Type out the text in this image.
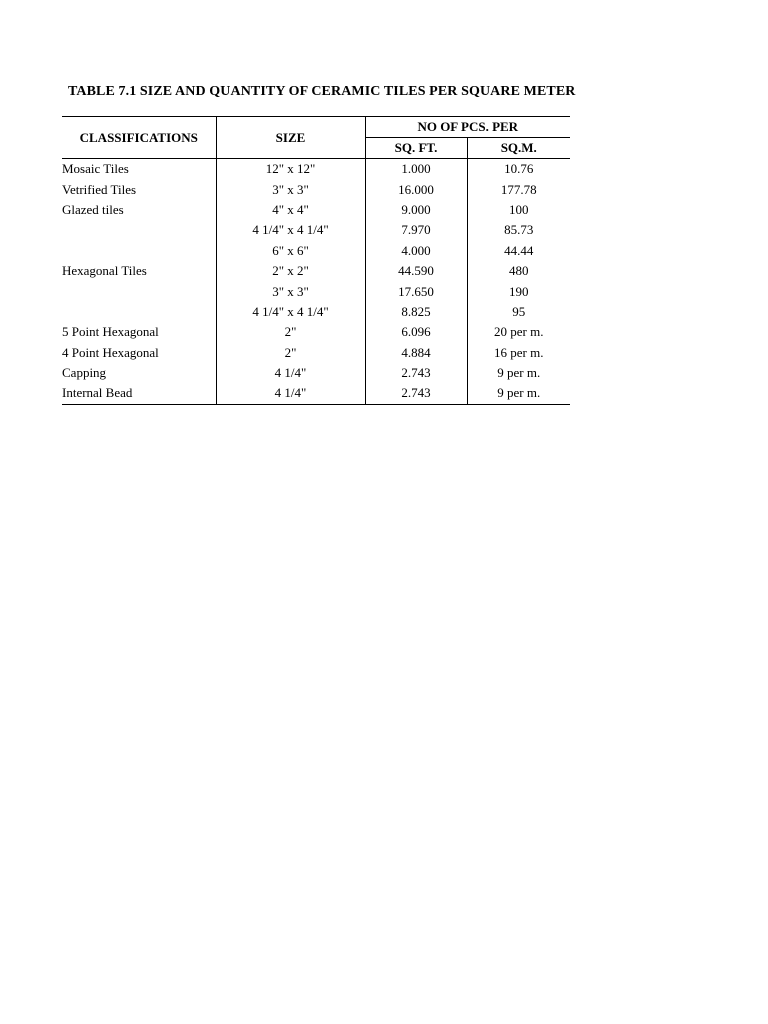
TABLE 7.1 SIZE AND QUANTITY OF CERAMIC TILES PER SQUARE METER
CLASSIFICATIONS	SIZE	NO OF PCS. PER	
		SQ. FT.	SQ.M.
Mosaic Tiles	12" x 12"	1.000	10.76
Vetrified Tiles	3" x 3"	16.000	177.78
Glazed tiles	4" x 4"	9.000	100
	4 1/4" x 4 1/4"	7.970	85.73
	6" x 6"	4.000	44.44
Hexagonal Tiles	2" x 2"	44.590	480
	3" x 3"	17.650	190
	4 1/4" x 4 1/4"	8.825	95
5 Point Hexagonal	2"	6.096	20 per m.
4 Point Hexagonal	2"	4.884	16 per m.
Capping	4 1/4"	2.743	9 per m.
Internal Bead	4 1/4"	2.743	9 per m.
